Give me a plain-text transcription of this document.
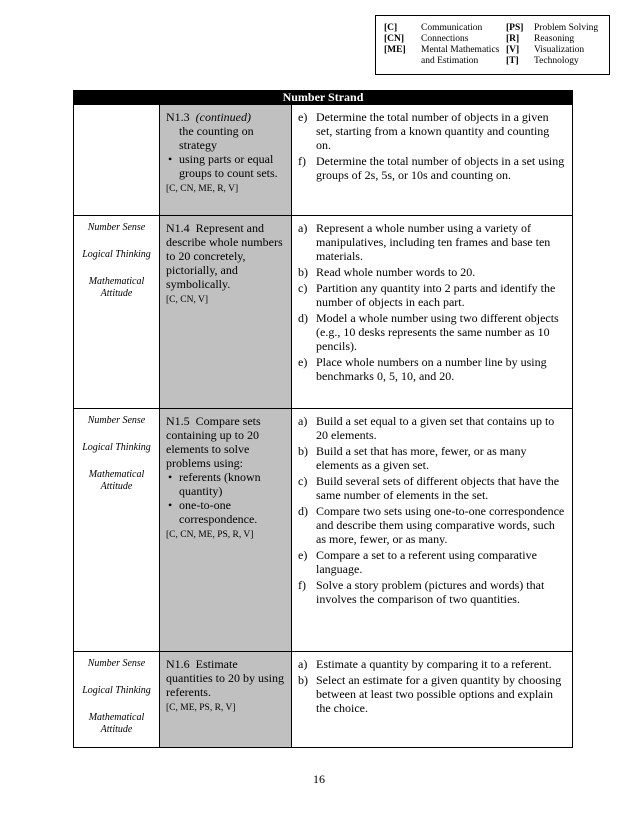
[C]	Communication
[CN] Connections
[ME] Mental Mathematics
and Estimation
[PS] Problem Solving
[R] Reasoning
[V] Visualization
[T] Technology
Number Strand
N1.3 (continued)
the counting on strategy
• using parts or equal groups to count sets.
[C, CN, ME, R, V]
e) Determine the total number of objects in a given set, starting from a known quantity and counting on.
f) Determine the total number of objects in a set using groups of 2s, 5s, or 10s and counting on.
Number Sense
Logical Thinking
Mathematical Attitude
N1.4 Represent and describe whole numbers to 20 concretely, pictorially, and symbolically.
[C, CN, V]
a) Represent a whole number using a variety of manipulatives, including ten frames and base ten materials.
b) Read whole number words to 20.
c) Partition any quantity into 2 parts and identify the number of objects in each part.
d) Model a whole number using two different objects (e.g., 10 desks represents the same number as 10 pencils).
e) Place whole numbers on a number line by using benchmarks 0, 5, 10, and 20.
Number Sense
Logical Thinking
Mathematical Attitude
N1.5 Compare sets containing up to 20 elements to solve problems using:
• referents (known quantity)
• one-to-one correspondence.
[C, CN, ME, PS, R, V]
a) Build a set equal to a given set that contains up to 20 elements.
b) Build a set that has more, fewer, or as many elements as a given set.
c) Build several sets of different objects that have the same number of elements in the set.
d) Compare two sets using one-to-one correspondence and describe them using comparative words, such as more, fewer, or as many.
e) Compare a set to a referent using comparative language.
f) Solve a story problem (pictures and words) that involves the comparison of two quantities.
Number Sense
Logical Thinking
Mathematical Attitude
N1.6 Estimate quantities to 20 by using referents.
[C, ME, PS, R, V]
a) Estimate a quantity by comparing it to a referent.
b) Select an estimate for a given quantity by choosing between at least two possible options and explain the choice.
16
